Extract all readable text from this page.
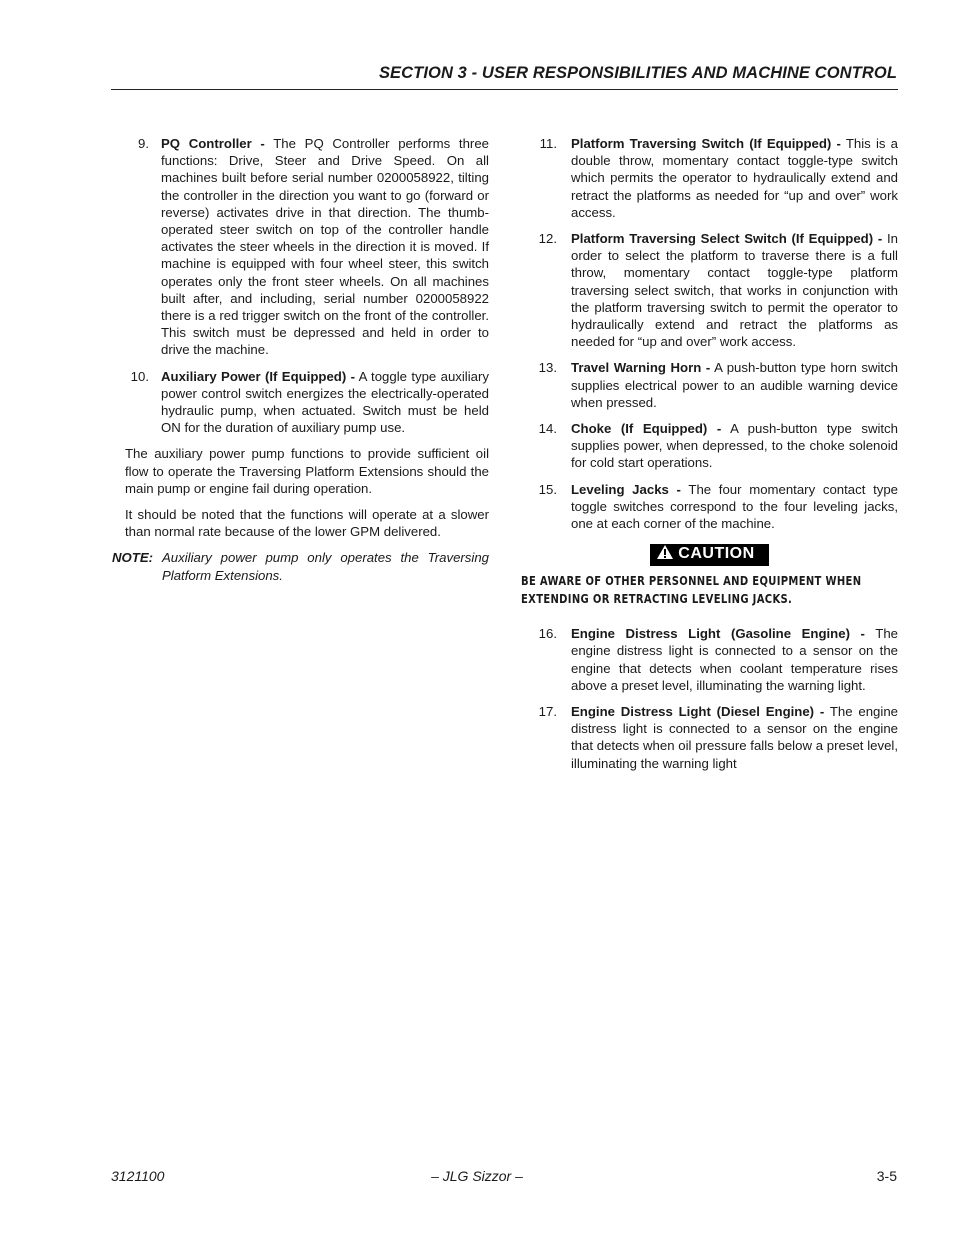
SECTION 3 - USER RESPONSIBILITIES AND MACHINE CONTROL
9. PQ Controller - The PQ Controller performs three functions: Drive, Steer and Drive Speed. On all machines built before serial number 0200058922, tilting the controller in the direction you want to go (forward or reverse) activates drive in that direction. The thumb-operated steer switch on top of the controller handle activates the steer wheels in the direction it is moved. If machine is equipped with four wheel steer, this switch operates only the front steer wheels. On all machines built after, and including, serial number 0200058922 there is a red trigger switch on the front of the controller. This switch must be depressed and held in order to drive the machine.
10. Auxiliary Power (If Equipped) - A toggle type auxiliary power control switch energizes the electrically-operated hydraulic pump, when actuated. Switch must be held ON for the duration of auxiliary pump use.

The auxiliary power pump functions to provide sufficient oil flow to operate the Traversing Platform Extensions should the main pump or engine fail during operation.

It should be noted that the functions will operate at a slower than normal rate because of the lower GPM delivered.

NOTE: Auxiliary power pump only operates the Traversing Platform Extensions.
11. Platform Traversing Switch (If Equipped) - This is a double throw, momentary contact toggle-type switch which permits the operator to hydraulically extend and retract the platforms as needed for “up and over” work access.
12. Platform Traversing Select Switch (If Equipped) - In order to select the platform to traverse there is a full throw, momentary contact toggle-type platform traversing select switch, that works in conjunction with the platform traversing switch to permit the operator to hydraulically extend and retract the platforms as needed for “up and over” work access.
13. Travel Warning Horn - A push-button type horn switch supplies electrical power to an audible warning device when pressed.
14. Choke (If Equipped) - A push-button type switch supplies power, when depressed, to the choke solenoid for cold start operations.
15. Leveling Jacks - The four momentary contact type toggle switches correspond to the four leveling jacks, one at each corner of the machine.
CAUTION
BE AWARE OF OTHER PERSONNEL AND EQUIPMENT WHEN EXTENDING OR RETRACTING LEVELING JACKS.
16. Engine Distress Light (Gasoline Engine) - The engine distress light is connected to a sensor on the engine that detects when coolant temperature rises above a preset level, illuminating the warning light.
17. Engine Distress Light (Diesel Engine) - The engine distress light is connected to a sensor on the engine that detects when oil pressure falls below a preset level, illuminating the warning light
– JLG Sizzor –
3121100	3-5
